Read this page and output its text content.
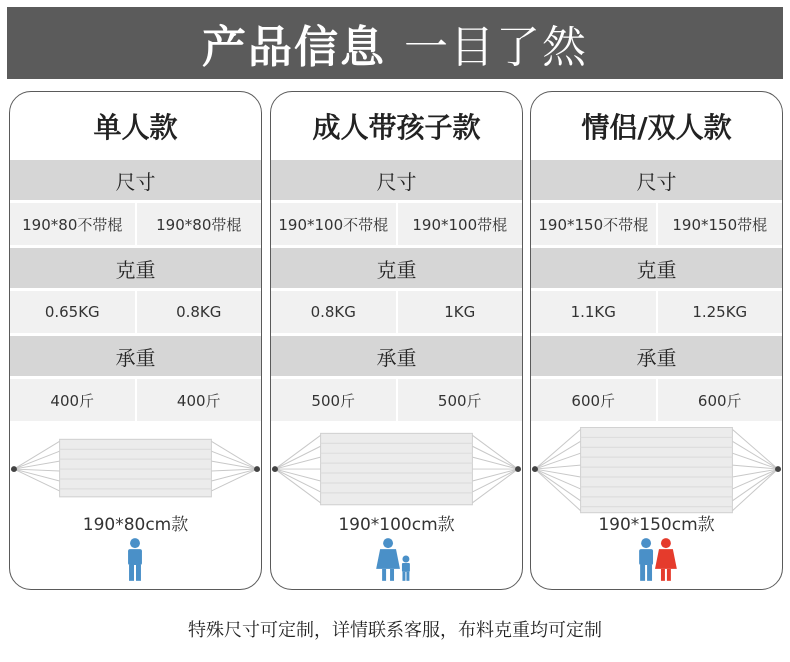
产品信息 一目了然
单人款
尺寸
190*80不带棍	190*80带棍
克重
0.65KG	0.8KG
承重
400斤	400斤
190*80cm款
成人带孩子款
尺寸
190*100不带棍	190*100带棍
克重
0.8KG	1KG
承重
500斤	500斤
190*100cm款
情侣/双人款
尺寸
190*150不带棍	190*150带棍
克重
1.1KG	1.25KG
承重
600斤	600斤
190*150cm款
特殊尺寸可定制，详情联系客服，布料克重均可定制
